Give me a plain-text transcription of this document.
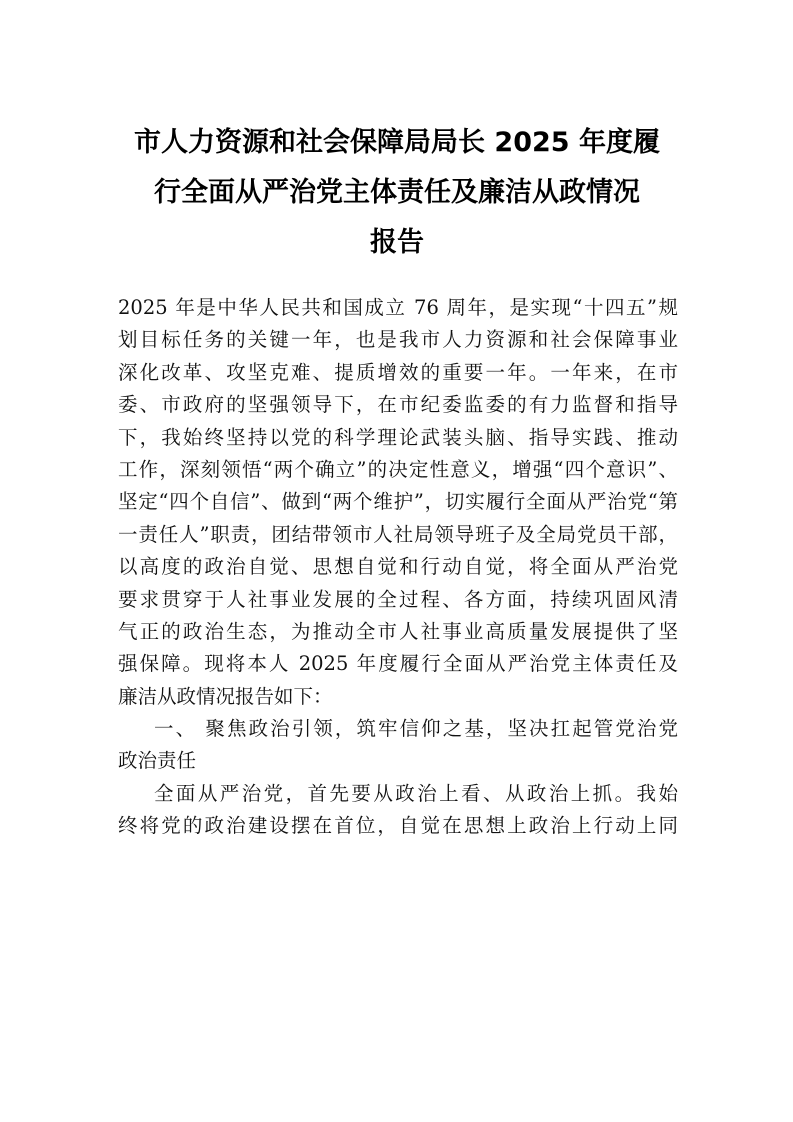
市人力资源和社会保障局局长 2025 年度履
行全面从严治党主体责任及廉洁从政情况
报告
2025 年是中华人民共和国成立 76 周年，是实现“十四五”规
划目标任务的关键一年，也是我市人力资源和社会保障事业
深化改革、攻坚克难、提质增效的重要一年。一年来，在市
委、市政府的坚强领导下，在市纪委监委的有力监督和指导
下，我始终坚持以党的科学理论武装头脑、指导实践、推动
工作，深刻领悟“两个确立”的决定性意义，增强“四个意识”、
坚定“四个自信”、做到“两个维护”，切实履行全面从严治党“第
一责任人”职责，团结带领市人社局领导班子及全局党员干部，
以高度的政治自觉、思想自觉和行动自觉，将全面从严治党
要求贯穿于人社事业发展的全过程、各方面，持续巩固风清
气正的政治生态，为推动全市人社事业高质量发展提供了坚
强保障。现将本人 2025 年度履行全面从严治党主体责任及
廉洁从政情况报告如下：
一、 聚焦政治引领，筑牢信仰之基，坚决扛起管党治党
政治责任
全面从严治党，首先要从政治上看、从政治上抓。我始
终将党的政治建设摆在首位，自觉在思想上政治上行动上同
